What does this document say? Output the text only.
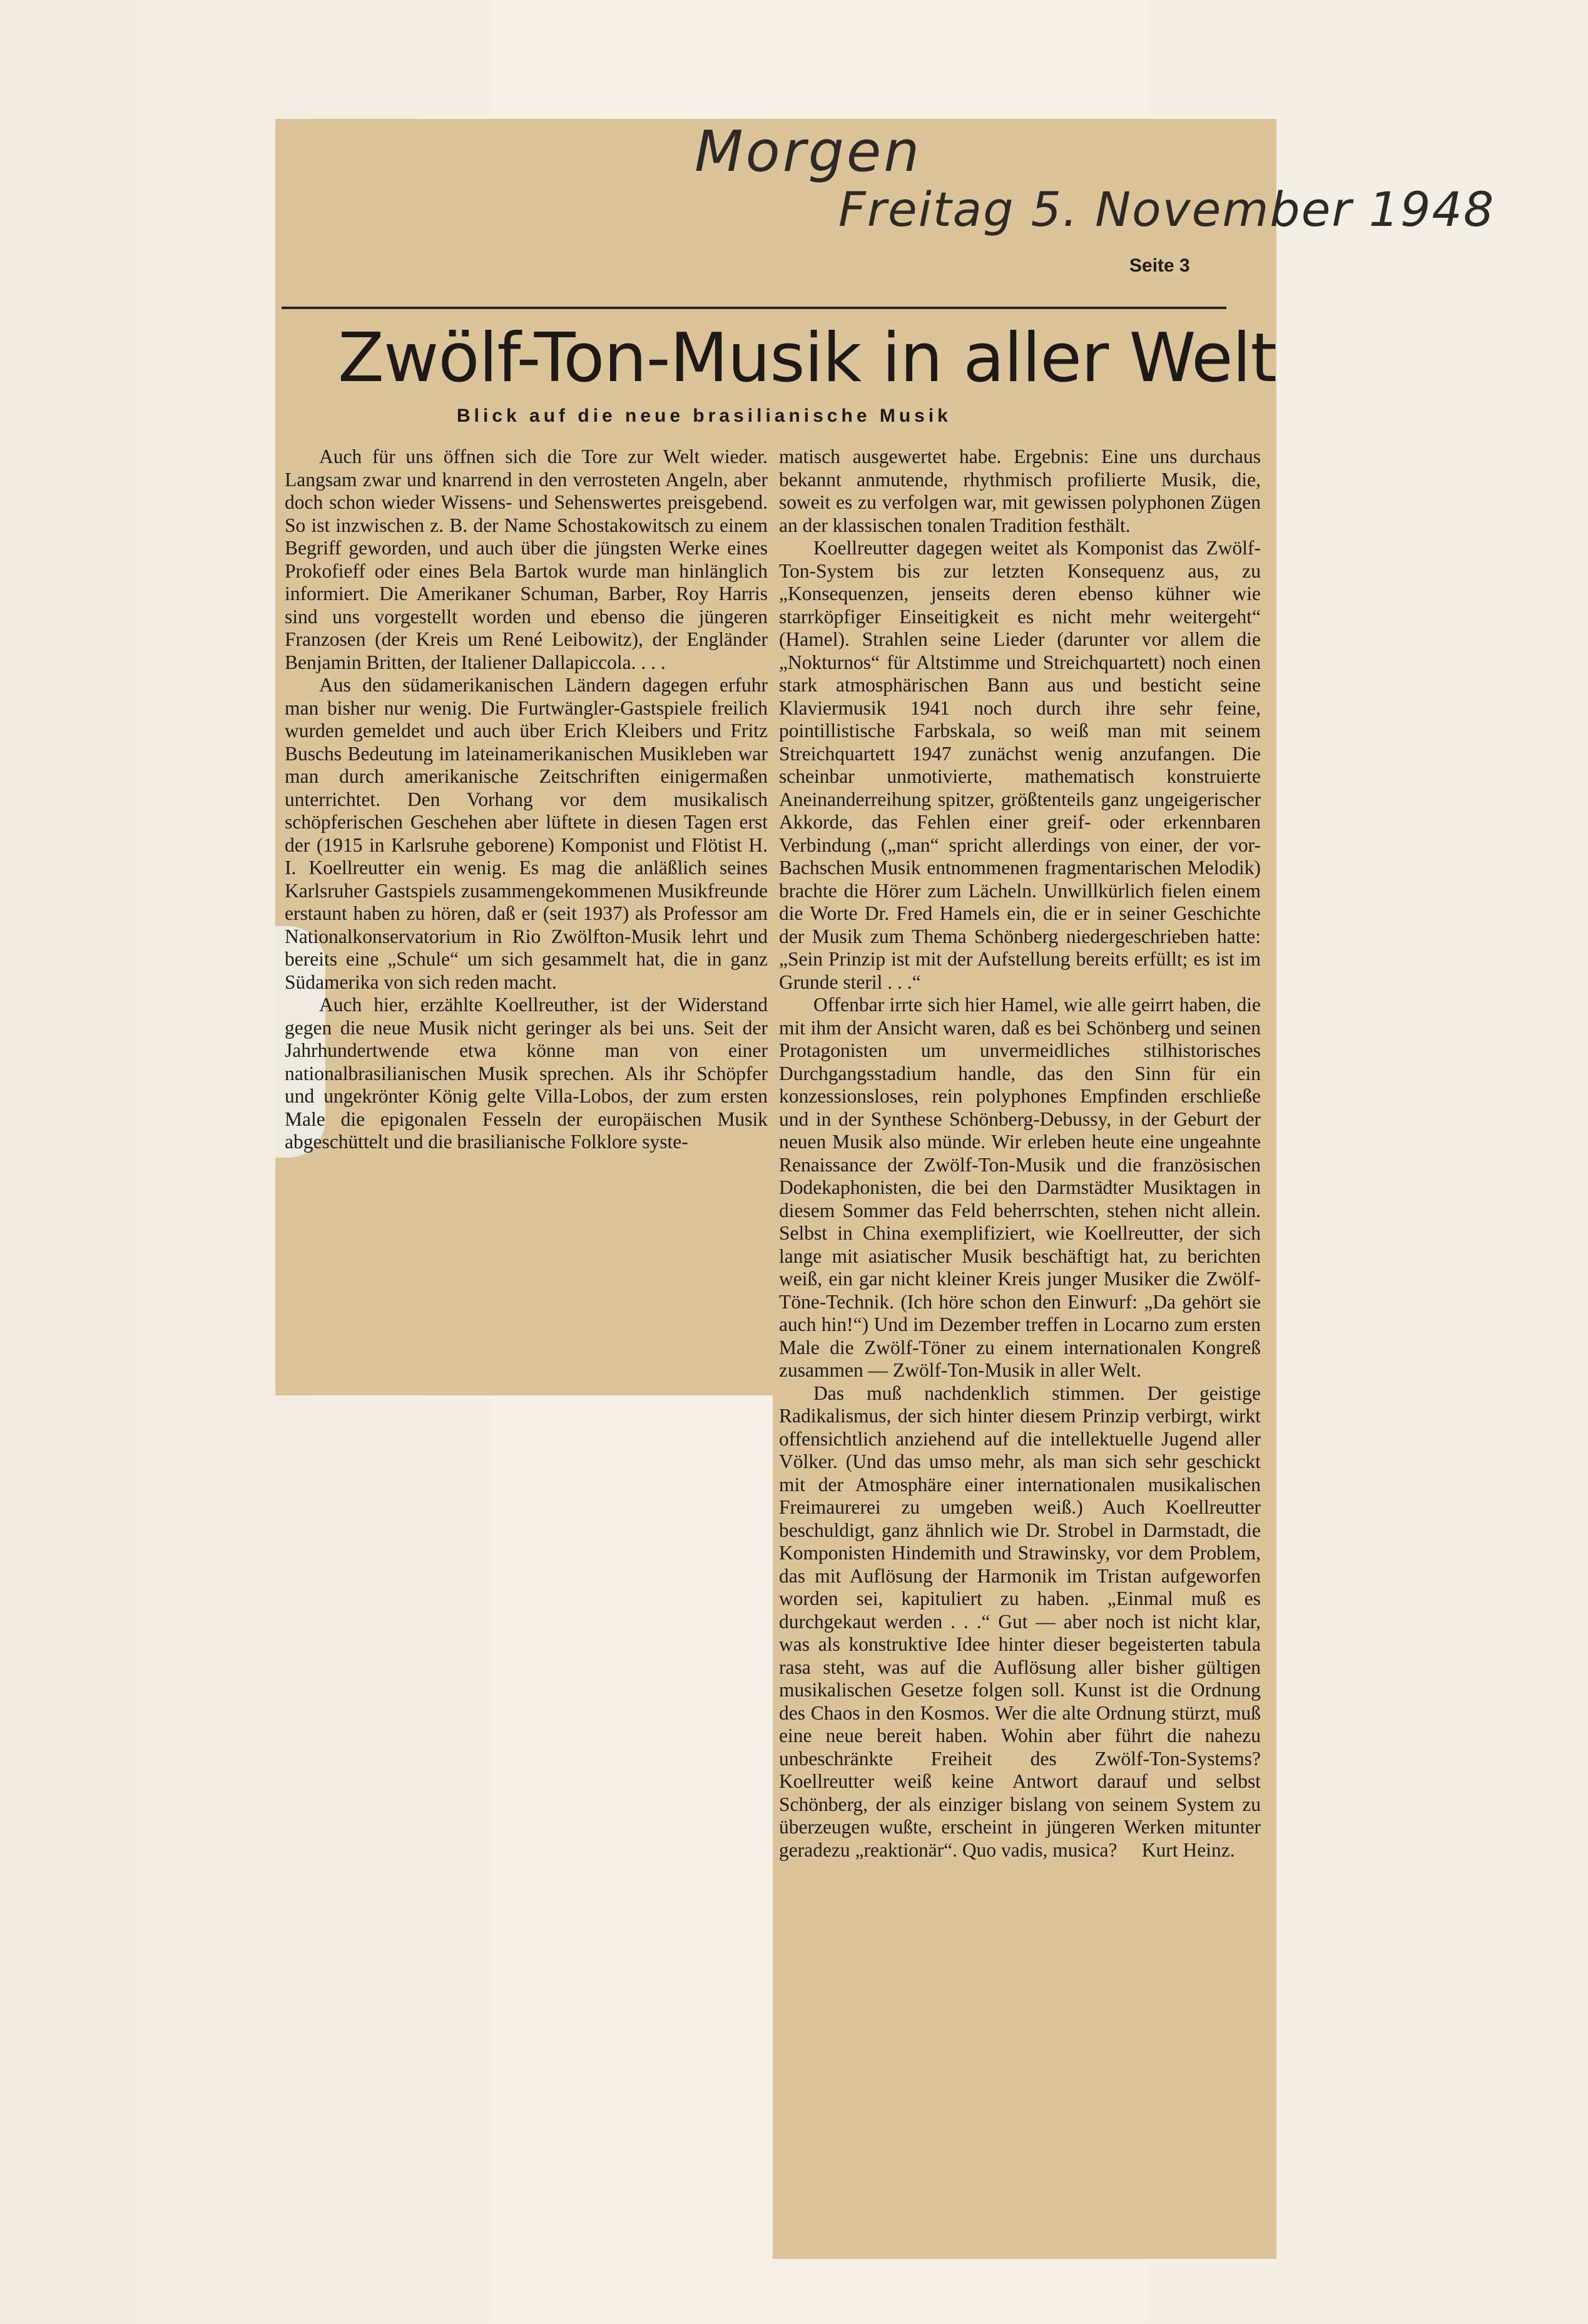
Morgen
Freitag 5. November 1948
Seite 3
Zwölf-Ton-Musik in aller Welt
Blick auf die neue brasilianische Musik

Auch für uns öffnen sich die Tore zur Welt wieder. Langsam zwar und knarrend in den verrosteten Angeln, aber doch schon wieder Wissens- und Sehenswertes preisgebend. So ist inzwischen z. B. der Name Schostakowitsch zu einem Begriff geworden, und auch über die jüngsten Werke eines Prokofieff oder eines Bela Bartok wurde man hinlänglich informiert. Die Amerikaner Schuman, Barber, Roy Harris sind uns vorgestellt worden und ebenso die jüngeren Franzosen (der Kreis um René Leibowitz), der Engländer Benjamin Britten, der Italiener Dallapiccola. . . .

Aus den südamerikanischen Ländern dagegen erfuhr man bisher nur wenig. Die Furtwängler-Gastspiele freilich wurden gemeldet und auch über Erich Kleibers und Fritz Buschs Bedeutung im lateinamerikanischen Musikleben war man durch amerikanische Zeitschriften einigermaßen unterrichtet. Den Vorhang vor dem musikalisch schöpferischen Geschehen aber lüftete in diesen Tagen erst der (1915 in Karlsruhe geborene) Komponist und Flötist H. I. Koellreutter ein wenig. Es mag die anläßlich seines Karlsruher Gastspiels zusammengekommenen Musikfreunde erstaunt haben zu hören, daß er (seit 1937) als Professor am Nationalkonservatorium in Rio Zwölfton-Musik lehrt und bereits eine „Schule“ um sich gesammelt hat, die in ganz Südamerika von sich reden macht.

Auch hier, erzählte Koellreuther, ist der Widerstand gegen die neue Musik nicht geringer als bei uns. Seit der Jahrhundertwende etwa könne man von einer nationalbrasilianischen Musik sprechen. Als ihr Schöpfer und ungekrönter König gelte Villa-Lobos, der zum ersten Male die epigonalen Fesseln der europäischen Musik abgeschüttelt und die brasilianische Folklore syste-

matisch ausgewertet habe. Ergebnis: Eine uns durchaus bekannt anmutende, rhythmisch profilierte Musik, die, soweit es zu verfolgen war, mit gewissen polyphonen Zügen an der klassischen tonalen Tradition festhält.

Koellreutter dagegen weitet als Komponist das Zwölf-Ton-System bis zur letzten Konsequenz aus, zu „Konsequenzen, jenseits deren ebenso kühner wie starrköpfiger Einseitigkeit es nicht mehr weitergeht“ (Hamel). Strahlen seine Lieder (darunter vor allem die „Nokturnos“ für Altstimme und Streichquartett) noch einen stark atmosphärischen Bann aus und besticht seine Klaviermusik 1941 noch durch ihre sehr feine, pointillistische Farbskala, so weiß man mit seinem Streichquartett 1947 zunächst wenig anzufangen. Die scheinbar unmotivierte, mathematisch konstruierte Aneinanderreihung spitzer, größtenteils ganz ungeigerischer Akkorde, das Fehlen einer greif- oder erkennbaren Verbindung („man“ spricht allerdings von einer, der vor-Bachschen Musik entnommenen fragmentarischen Melodik) brachte die Hörer zum Lächeln. Unwillkürlich fielen einem die Worte Dr. Fred Hamels ein, die er in seiner Geschichte der Musik zum Thema Schönberg niedergeschrieben hatte: „Sein Prinzip ist mit der Aufstellung bereits erfüllt; es ist im Grunde steril . . .“

Offenbar irrte sich hier Hamel, wie alle geirrt haben, die mit ihm der Ansicht waren, daß es bei Schönberg und seinen Protagonisten um unvermeidliches stilhistorisches Durchgangsstadium handle, das den Sinn für ein konzessionsloses, rein polyphones Empfinden erschließe und in der Synthese Schönberg-Debussy, in der Geburt der neuen Musik also münde. Wir erleben heute eine ungeahnte Renaissance der Zwölf-Ton-Musik und die französischen Dodekaphonisten, die bei den Darmstädter Musiktagen in diesem Sommer das Feld beherrschten, stehen nicht allein. Selbst in China exemplifiziert, wie Koellreutter, der sich lange mit asiatischer Musik beschäftigt hat, zu berichten weiß, ein gar nicht kleiner Kreis junger Musiker die Zwölf-Töne-Technik. (Ich höre schon den Einwurf: „Da gehört sie auch hin!“) Und im Dezember treffen in Locarno zum ersten Male die Zwölf-Töner zu einem internationalen Kongreß zusammen — Zwölf-Ton-Musik in aller Welt.

Das muß nachdenklich stimmen. Der geistige Radikalismus, der sich hinter diesem Prinzip verbirgt, wirkt offensichtlich anziehend auf die intellektuelle Jugend aller Völker. (Und das umso mehr, als man sich sehr geschickt mit der Atmosphäre einer internationalen musikalischen Freimaurerei zu umgeben weiß.) Auch Koellreutter beschuldigt, ganz ähnlich wie Dr. Strobel in Darmstadt, die Komponisten Hindemith und Strawinsky, vor dem Problem, das mit Auflösung der Harmonik im Tristan aufgeworfen worden sei, kapituliert zu haben. „Einmal muß es durchgekaut werden . . .“ Gut — aber noch ist nicht klar, was als konstruktive Idee hinter dieser begeisterten tabula rasa steht, was auf die Auflösung aller bisher gültigen musikalischen Gesetze folgen soll. Kunst ist die Ordnung des Chaos in den Kosmos. Wer die alte Ordnung stürzt, muß eine neue bereit haben. Wohin aber führt die nahezu unbeschränkte Freiheit des Zwölf-Ton-Systems? Koellreutter weiß keine Antwort darauf und selbst Schönberg, der als einziger bislang von seinem System zu überzeugen wußte, erscheint in jüngeren Werken mitunter geradezu „reaktionär“. Quo vadis, musica? Kurt Heinz.
